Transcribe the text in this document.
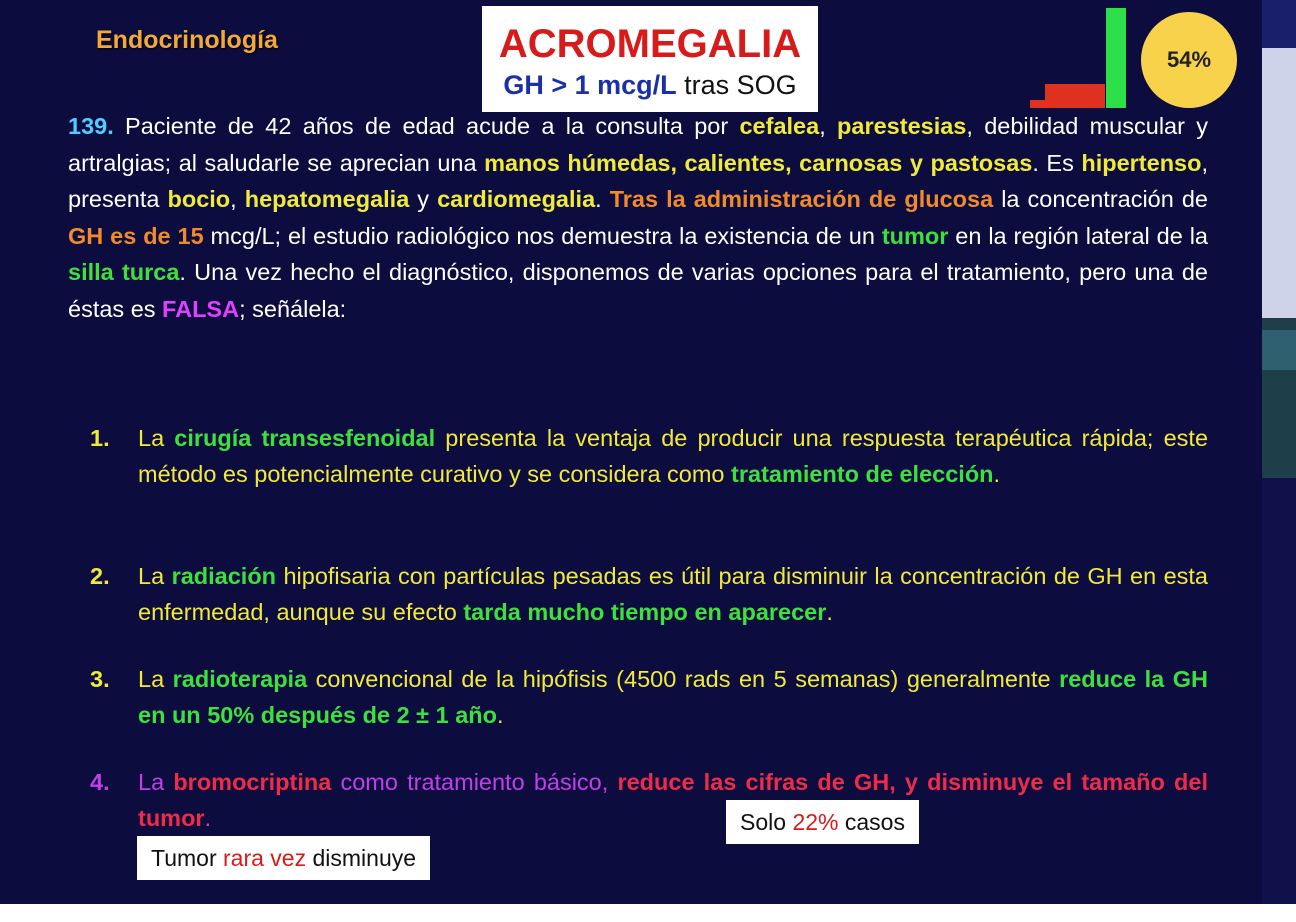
Endocrinología	ACROMEGALIA
GH > 1 mcg/L tras SOG
54%
139. Paciente de 42 años de edad acude a la consulta por cefalea, parestesias, debilidad muscular y artralgias; al saludarle se aprecian una manos húmedas, calientes, carnosas y pastosas. Es hipertenso, presenta bocio, hepatomegalia y cardiomegalia. Tras la administración de glucosa la concentración de GH es de 15 mcg/L; el estudio radiológico nos demuestra la existencia de un tumor en la región lateral de la silla turca. Una vez hecho el diagnóstico, disponemos de varias opciones para el tratamiento, pero una de éstas es FALSA; señálela:
1.	La cirugía transesfenoidal presenta la ventaja de producir una respuesta terapéutica rápida; este método es potencialmente curativo y se considera como tratamiento de elección.
2.	La radiación hipofisaria con partículas pesadas es útil para disminuir la concentración de GH en esta enfermedad, aunque su efecto tarda mucho tiempo en aparecer.
3.	La radioterapia convencional de la hipófisis (4500 rads en 5 semanas) generalmente reduce la GH en un 50% después de 2 ± 1 año.
4.	La bromocriptina como tratamiento básico, reduce las cifras de GH, y disminuye el tamaño del tumor.	Solo 22% casos
Tumor rara vez disminuye
